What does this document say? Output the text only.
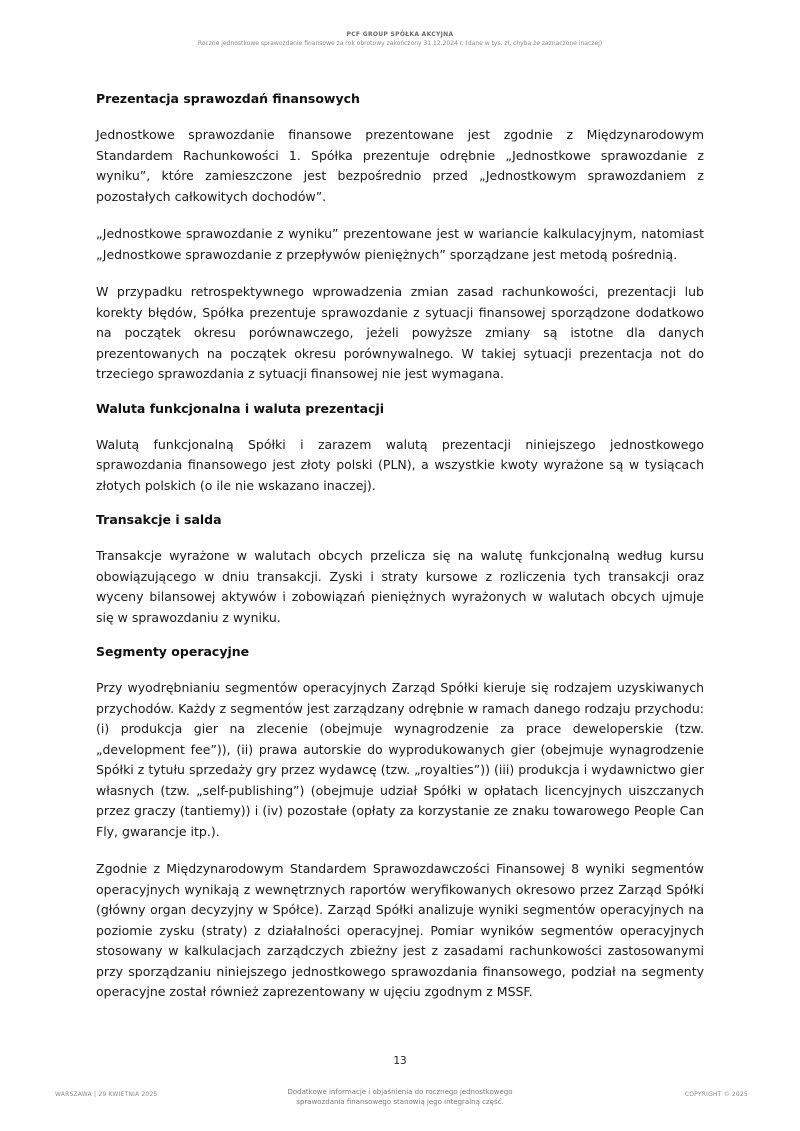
PCF GROUP SPÓŁKA AKCYJNA
Roczne jednostkowe sprawozdanie finansowe za rok obrotowy zakończony 31.12.2024 r. (dane w tys. zł, chyba że zaznaczone inaczej)
Prezentacja sprawozdań finansowych

Jednostkowe sprawozdanie finansowe prezentowane jest zgodnie z Międzynarodowym Standardem Rachunkowości 1. Spółka prezentuje odrębnie „Jednostkowe sprawozdanie z wyniku”, które zamieszczone jest bezpośrednio przed „Jednostkowym sprawozdaniem z pozostałych całkowitych dochodów”.

„Jednostkowe sprawozdanie z wyniku” prezentowane jest w wariancie kalkulacyjnym, natomiast „Jednostkowe sprawozdanie z przepływów pieniężnych” sporządzane jest metodą pośrednią.

W przypadku retrospektywnego wprowadzenia zmian zasad rachunkowości, prezentacji lub korekty błędów, Spółka prezentuje sprawozdanie z sytuacji finansowej sporządzone dodatkowo na początek okresu porównawczego, jeżeli powyższe zmiany są istotne dla danych prezentowanych na początek okresu porównywalnego. W takiej sytuacji prezentacja not do trzeciego sprawozdania z sytuacji finansowej nie jest wymagana.

Waluta funkcjonalna i waluta prezentacji

Walutą funkcjonalną Spółki i zarazem walutą prezentacji niniejszego jednostkowego sprawozdania finansowego jest złoty polski (PLN), a wszystkie kwoty wyrażone są w tysiącach złotych polskich (o ile nie wskazano inaczej).

Transakcje i salda

Transakcje wyrażone w walutach obcych przelicza się na walutę funkcjonalną według kursu obowiązującego w dniu transakcji. Zyski i straty kursowe z rozliczenia tych transakcji oraz wyceny bilansowej aktywów i zobowiązań pieniężnych wyrażonych w walutach obcych ujmuje się w sprawozdaniu z wyniku.

Segmenty operacyjne

Przy wyodrębnianiu segmentów operacyjnych Zarząd Spółki kieruje się rodzajem uzyskiwanych przychodów. Każdy z segmentów jest zarządzany odrębnie w ramach danego rodzaju przychodu: (i) produkcja gier na zlecenie (obejmuje wynagrodzenie za prace deweloperskie (tzw. „development fee”)), (ii) prawa autorskie do wyprodukowanych gier (obejmuje wynagrodzenie Spółki z tytułu sprzedaży gry przez wydawcę (tzw. „royalties”)) (iii) produkcja i wydawnictwo gier własnych (tzw. „self-publishing”) (obejmuje udział Spółki w opłatach licencyjnych uiszczanych przez graczy (tantiemy)) i (iv) pozostałe (opłaty za korzystanie ze znaku towarowego People Can Fly, gwarancje itp.).

Zgodnie z Międzynarodowym Standardem Sprawozdawczości Finansowej 8 wyniki segmentów operacyjnych wynikają z wewnętrznych raportów weryfikowanych okresowo przez Zarząd Spółki (główny organ decyzyjny w Spółce). Zarząd Spółki analizuje wyniki segmentów operacyjnych na poziomie zysku (straty) z działalności operacyjnej. Pomiar wyników segmentów operacyjnych stosowany w kalkulacjach zarządczych zbieżny jest z zasadami rachunkowości zastosowanymi przy sporządzaniu niniejszego jednostkowego sprawozdania finansowego, podział na segmenty operacyjne został również zaprezentowany w ujęciu zgodnym z MSSF.

13
WARSZAWA | 29 KWIETNIA 2025	Dodatkowe informacje i objaśnienia do rocznego jednostkowego
sprawozdania finansowego stanowią jego integralną część.
COPYRIGHT © 2025
